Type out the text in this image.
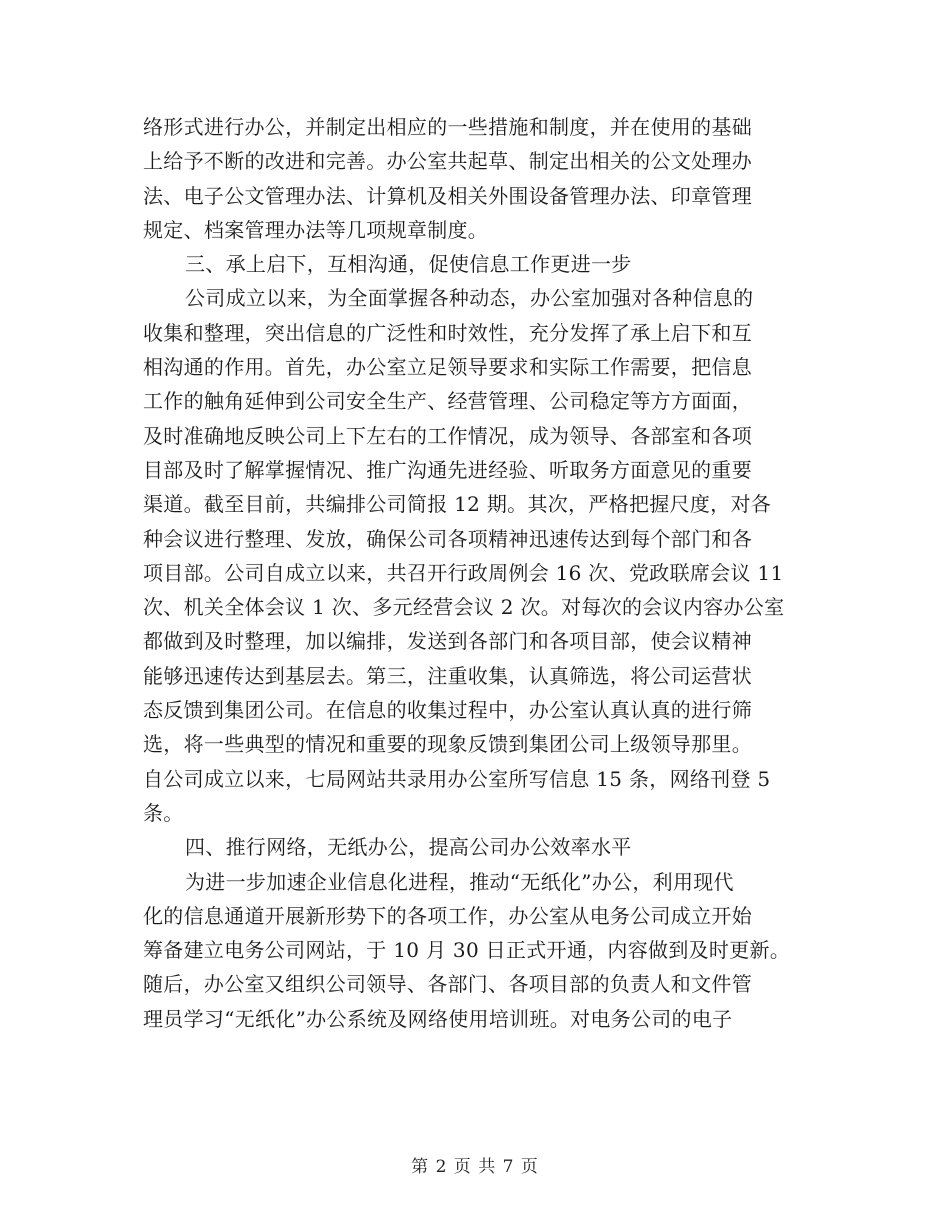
络形式进行办公，并制定出相应的一些措施和制度，并在使用的基础
上给予不断的改进和完善。办公室共起草、制定出相关的公文处理办
法、电子公文管理办法、计算机及相关外围设备管理办法、印章管理
规定、档案管理办法等几项规章制度。
三、承上启下，互相沟通，促使信息工作更进一步
公司成立以来，为全面掌握各种动态，办公室加强对各种信息的
收集和整理，突出信息的广泛性和时效性，充分发挥了承上启下和互
相沟通的作用。首先，办公室立足领导要求和实际工作需要，把信息
工作的触角延伸到公司安全生产、经营管理、公司稳定等方方面面，
及时准确地反映公司上下左右的工作情况，成为领导、各部室和各项
目部及时了解掌握情况、推广沟通先进经验、听取务方面意见的重要
渠道。截至目前，共编排公司简报 12 期。其次，严格把握尺度，对各
种会议进行整理、发放，确保公司各项精神迅速传达到每个部门和各
项目部。公司自成立以来，共召开行政周例会 16 次、党政联席会议 11
次、机关全体会议 1 次、多元经营会议 2 次。对每次的会议内容办公室
都做到及时整理，加以编排，发送到各部门和各项目部，使会议精神
能够迅速传达到基层去。第三，注重收集，认真筛选，将公司运营状
态反馈到集团公司。在信息的收集过程中，办公室认真认真的进行筛
选，将一些典型的情况和重要的现象反馈到集团公司上级领导那里。
自公司成立以来，七局网站共录用办公室所写信息 15 条，网络刊登 5
条。
四、推行网络，无纸办公，提高公司办公效率水平
为进一步加速企业信息化进程，推动“无纸化”办公，利用现代
化的信息通道开展新形势下的各项工作，办公室从电务公司成立开始
筹备建立电务公司网站，于 10 月 30 日正式开通，内容做到及时更新。
随后，办公室又组织公司领导、各部门、各项目部的负责人和文件管
理员学习“无纸化”办公系统及网络使用培训班。对电务公司的电子
第 2 页 共 7 页
